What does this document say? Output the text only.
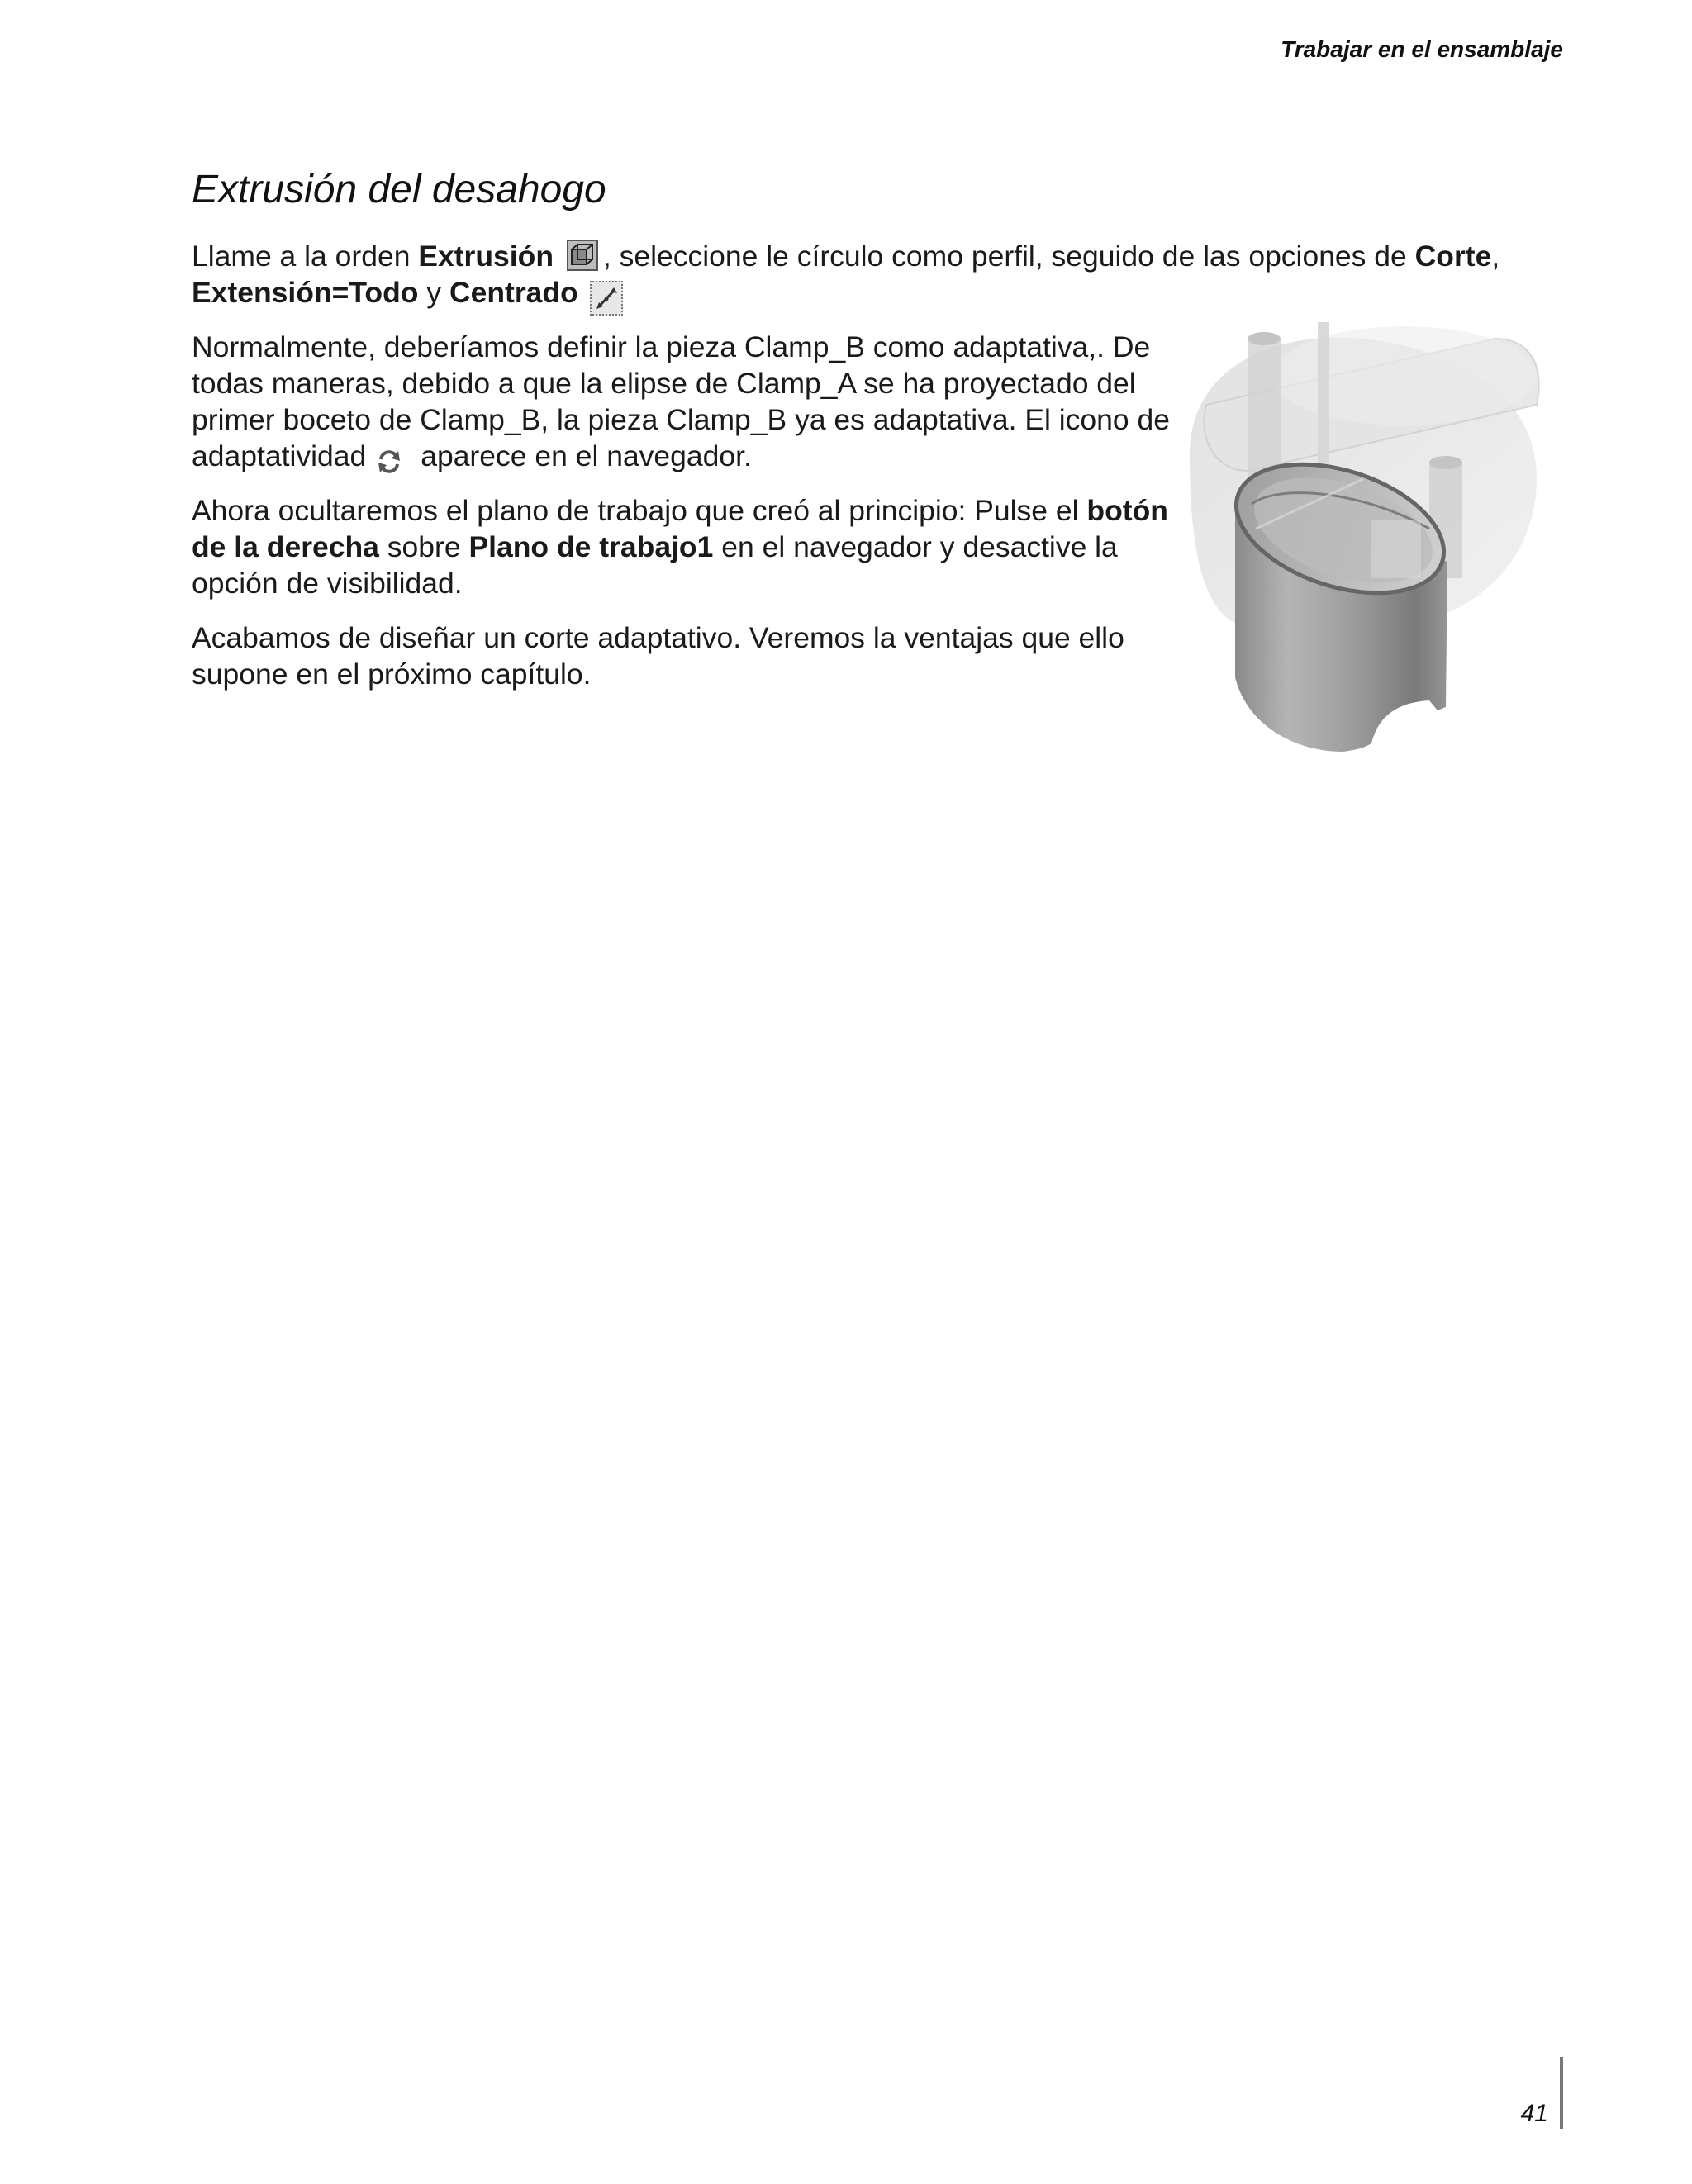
Trabajar en el ensamblaje
Extrusión del desahogo

Llame a la orden Extrusión , seleccione le círculo como perfil, seguido de las opciones de Corte, Extensión=Todo y Centrado

Normalmente, deberíamos definir la pieza Clamp_B como adaptativa,. De todas maneras, debido a que la elipse de Clamp_A se ha proyectado del primer boceto de Clamp_B, la pieza Clamp_B ya es adaptativa. El icono de adaptatividad aparece en el navegador.

Ahora ocultaremos el plano de trabajo que creó al principio: Pulse el botón de la derecha sobre Plano de trabajo1 en el navegador y desactive la opción de visibilidad.

Acabamos de diseñar un corte adaptativo. Veremos la ventajas que ello supone en el próximo capítulo.

41
